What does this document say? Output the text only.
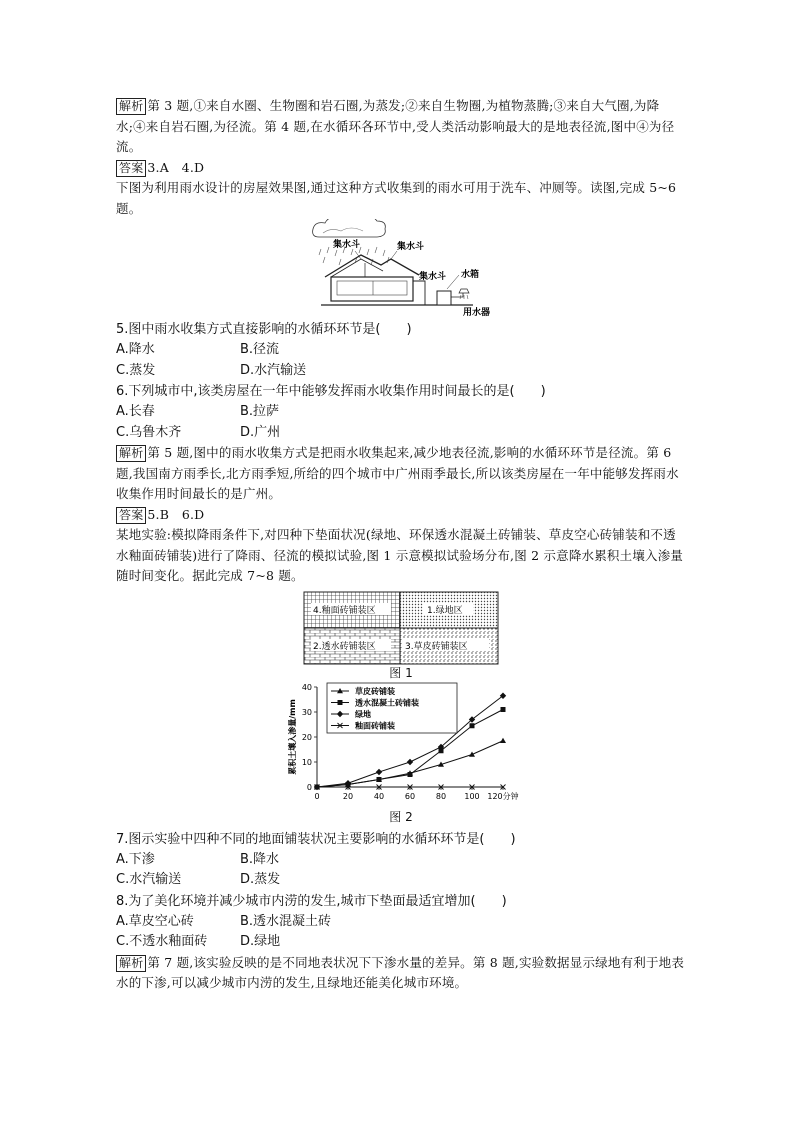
解析 第 3 题,①来自水圈、生物圈和岩石圈,为蒸发;②来自生物圈,为植物蒸腾;③来自大气圈,为降水;④来自岩石圈,为径流。第 4 题,在水循环各环节中,受人类活动影响最大的是地表径流,图中④为径流。

答案 3.A　4.D

下图为利用雨水设计的房屋效果图,通过这种方式收集到的雨水可用于洗车、冲厕等。读图,完成 5~6 题。

集水斗	集水斗
集水斗 水箱
用水器

5.图中雨水收集方式直接影响的水循环环节是(　　)

A.降水	B.径流
C.蒸发	D.水汽输送

6.下列城市中,该类房屋在一年中能够发挥雨水收集作用时间最长的是(　　)

A.长春	B.拉萨
C.乌鲁木齐	D.广州

解析 第 5 题,图中的雨水收集方式是把雨水收集起来,减少地表径流,影响的水循环环节是径流。第 6 题,我国南方雨季长,北方雨季短,所给的四个城市中广州雨季最长,所以该类房屋在一年中能够发挥雨水收集作用时间最长的是广州。

答案 5.B　6.D

某地实验:模拟降雨条件下,对四种下垫面状况(绿地、环保透水混凝土砖铺装、草皮空心砖铺装和不透水釉面砖铺装)进行了降雨、径流的模拟试验,图 1 示意模拟试验场分布,图 2 示意降水累积土壤入渗量随时间变化。据此完成 7~8 题。

4.釉面砖铺装区	1.绿地区
2.透水砖铺装区	3.草皮砖铺装区

图 1

0
10
20
30
40
0	20	40	60	80 100 120分钟
累积土壤入渗量/mm
草皮砖铺装
透水混凝土砖铺装
绿地
釉面砖铺装

图 2

7.图示实验中四种不同的地面铺装状况主要影响的水循环环节是(　　)

A.下渗	B.降水
C.水汽输送	D.蒸发

8.为了美化环境并减少城市内涝的发生,城市下垫面最适宜增加(　　)

A.草皮空心砖	B.透水混凝土砖
C.不透水釉面砖	D.绿地

解析 第 7 题,该实验反映的是不同地表状况下下渗水量的差异。第 8 题,实验数据显示绿地有利于地表水的下渗,可以减少城市内涝的发生,且绿地还能美化城市环境。
